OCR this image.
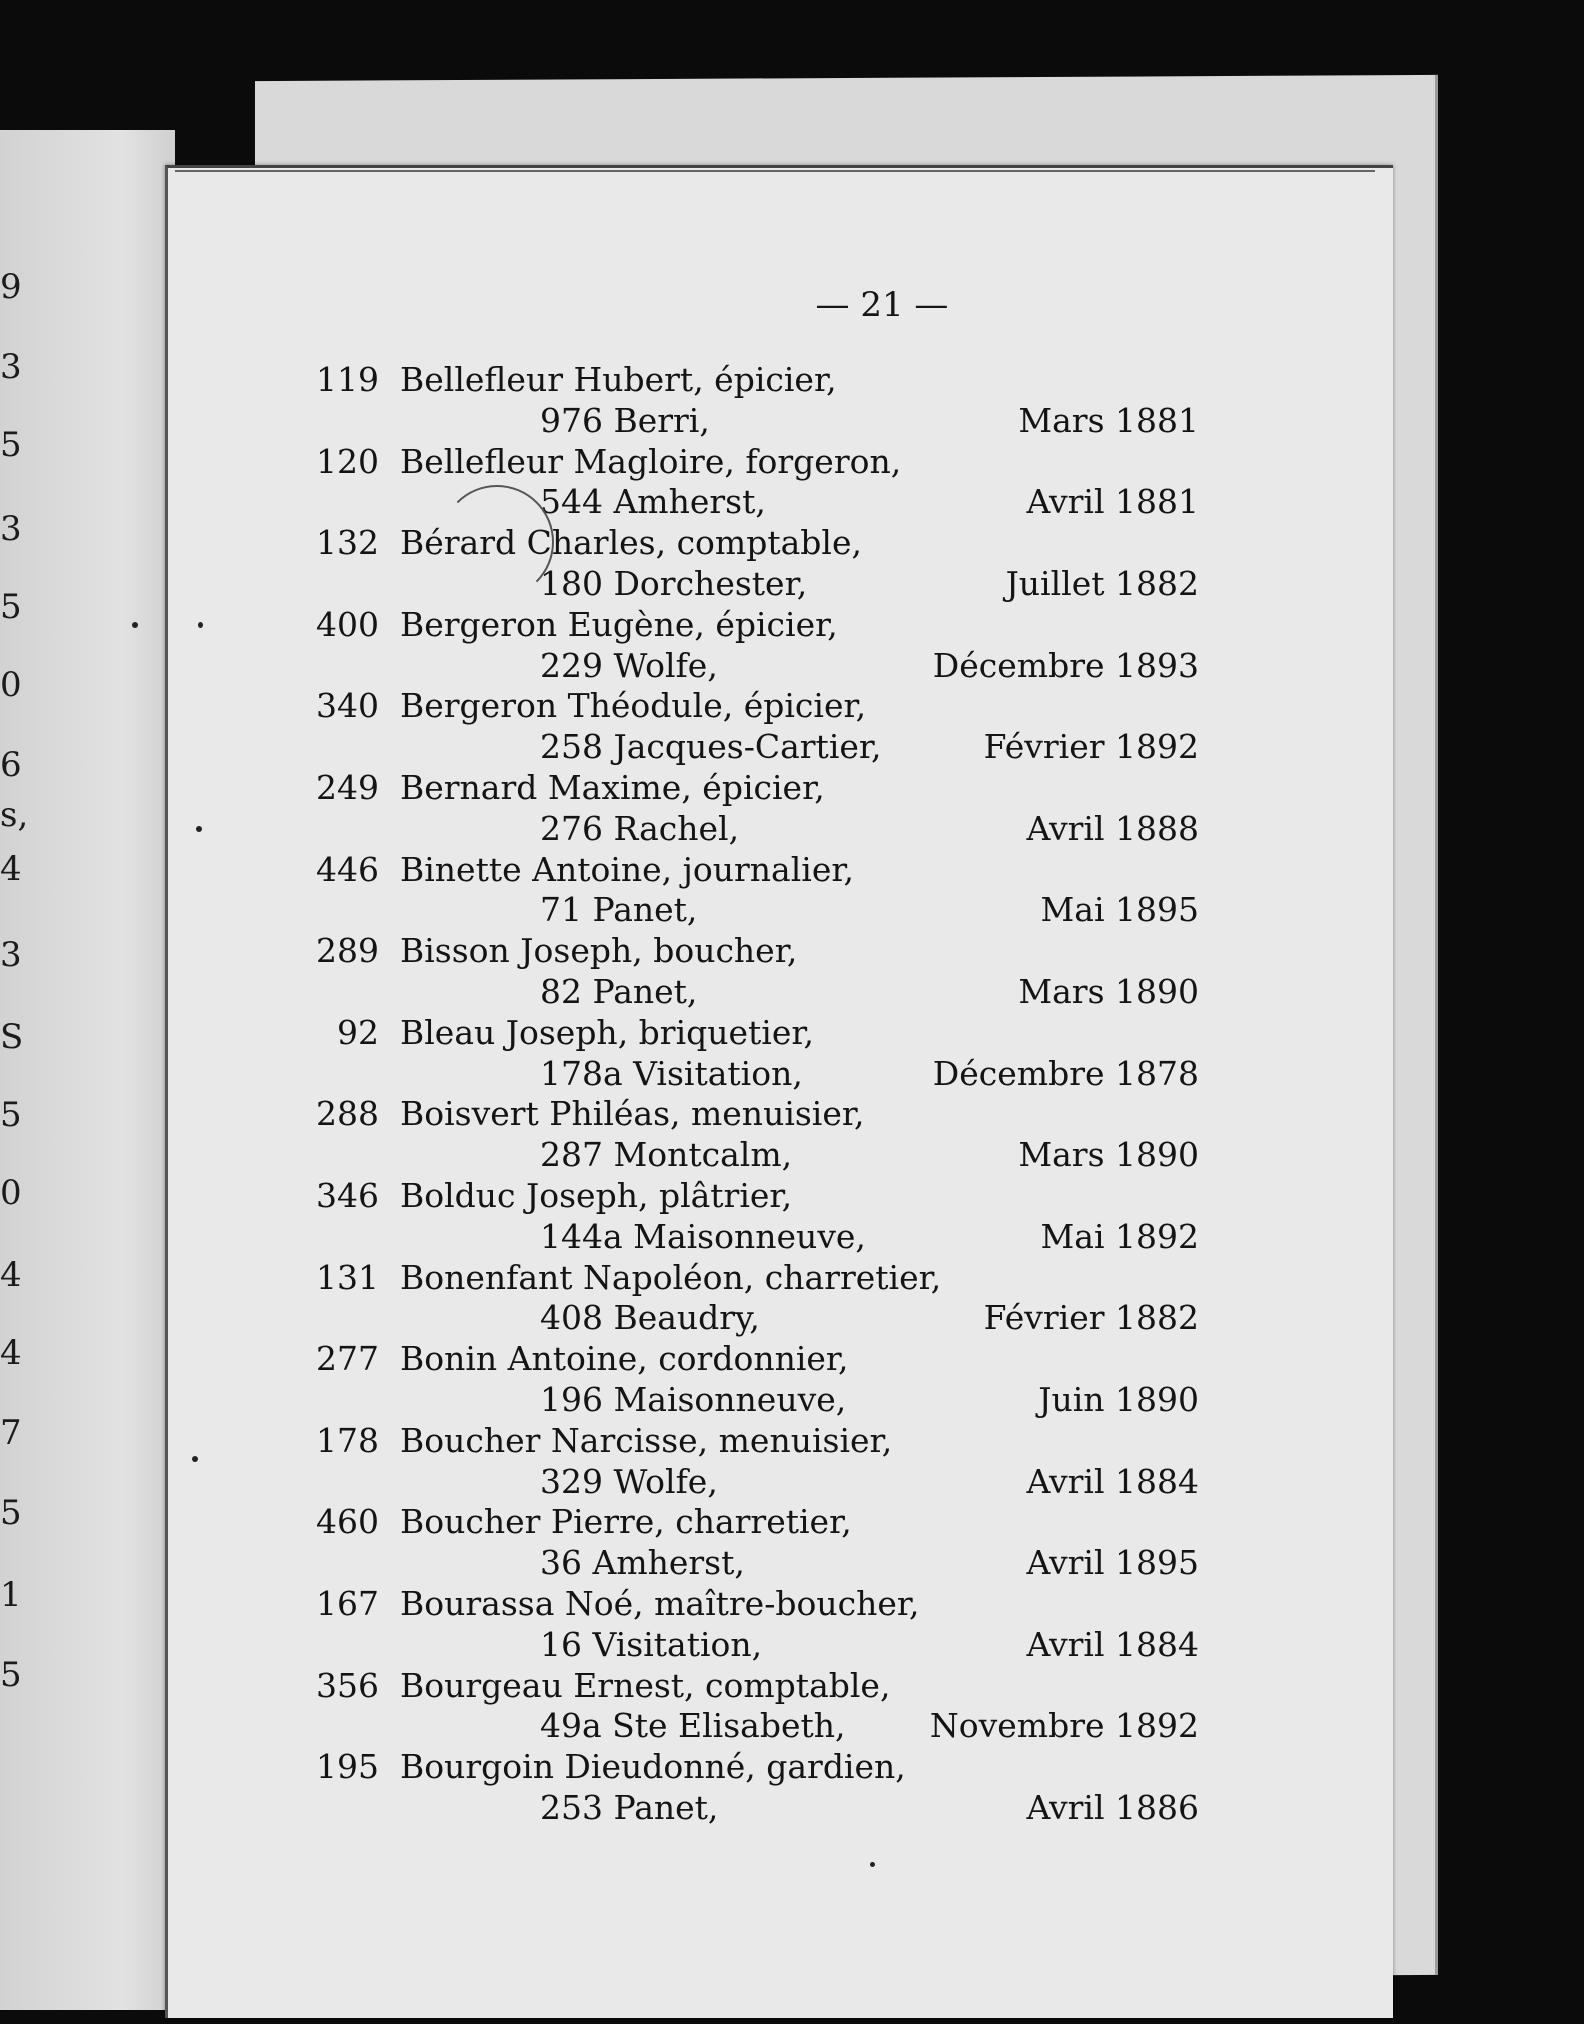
9
3
5
3
5
0
6
s,
4
3
S
5
0
4
4
7
5
1
5
— 21 —
119 Bellefleur Hubert, épicier,
976 Berri,	Mars 1881
120 Bellefleur Magloire, forgeron,
544 Amherst,	Avril 1881
132 Bérard Charles, comptable,
180 Dorchester,	Juillet 1882
400 Bergeron Eugène, épicier,
229 Wolfe,	Décembre 1893
340 Bergeron Théodule, épicier,
258 Jacques-Cartier,	Février 1892
249 Bernard Maxime, épicier,
276 Rachel,	Avril 1888
446 Binette Antoine, journalier,
71 Panet,	Mai 1895
289 Bisson Joseph, boucher,
82 Panet,	Mars 1890
92 Bleau Joseph, briquetier,
178a Visitation,	Décembre 1878
288 Boisvert Philéas, menuisier,
287 Montcalm,	Mars 1890
346 Bolduc Joseph, plâtrier,
144a Maisonneuve,	Mai 1892
131 Bonenfant Napoléon, charretier,
408 Beaudry,	Février 1882
277 Bonin Antoine, cordonnier,
196 Maisonneuve,	Juin 1890
178 Boucher Narcisse, menuisier,
329 Wolfe,	Avril 1884
460 Boucher Pierre, charretier,
36 Amherst,	Avril 1895
167 Bourassa Noé, maître-boucher,
16 Visitation,	Avril 1884
356 Bourgeau Ernest, comptable,
49a Ste Elisabeth,	Novembre 1892
195 Bourgoin Dieudonné, gardien,
253 Panet,	Avril 1886
